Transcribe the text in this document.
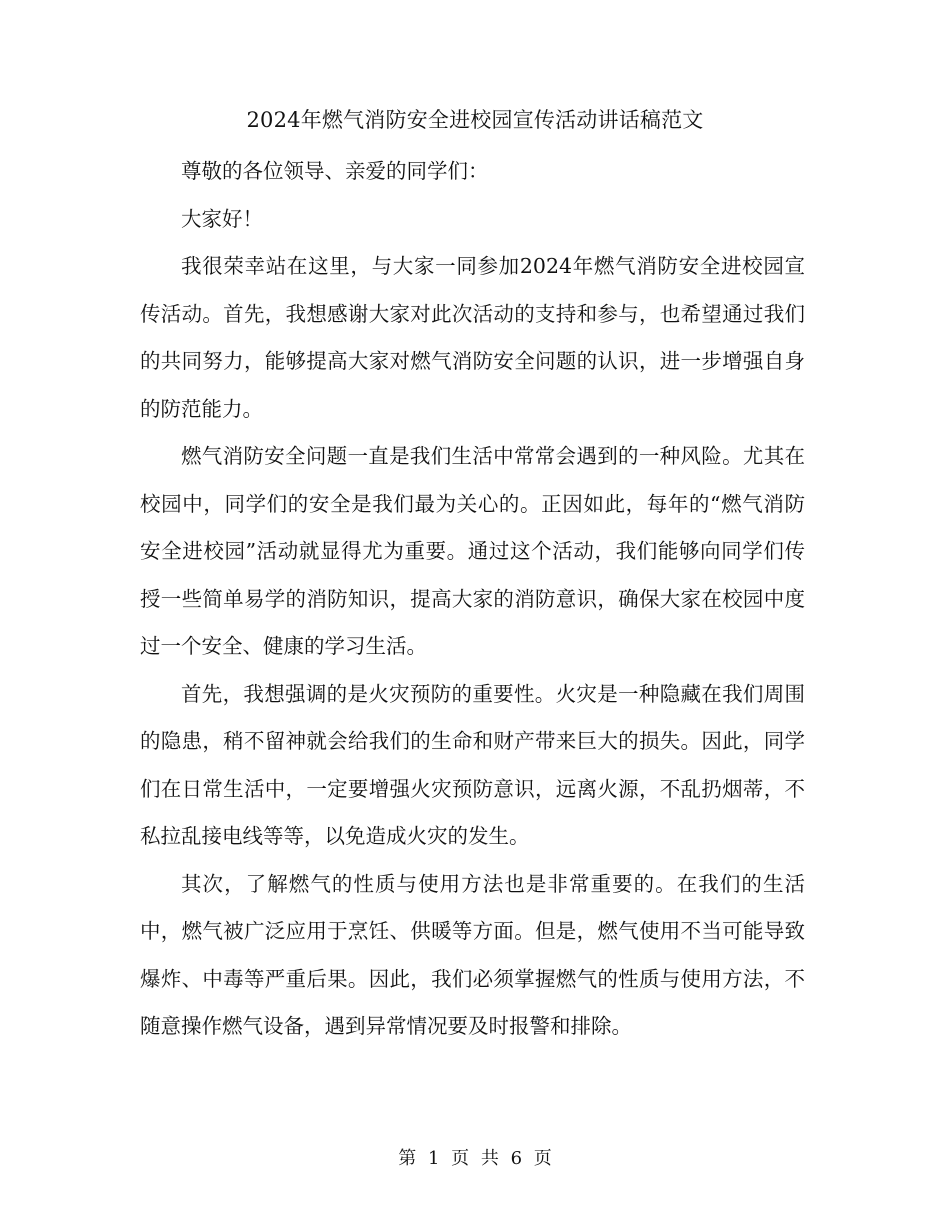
2024年燃气消防安全进校园宣传活动讲话稿范文

尊敬的各位领导、亲爱的同学们：

大家好！

我很荣幸站在这里，与大家一同参加2024年燃气消防安全进校园宣传活动。首先，我想感谢大家对此次活动的支持和参与，也希望通过我们的共同努力，能够提高大家对燃气消防安全问题的认识，进一步增强自身的防范能力。

燃气消防安全问题一直是我们生活中常常会遇到的一种风险。尤其在校园中，同学们的安全是我们最为关心的。正因如此，每年的“燃气消防安全进校园”活动就显得尤为重要。通过这个活动，我们能够向同学们传授一些简单易学的消防知识，提高大家的消防意识，确保大家在校园中度过一个安全、健康的学习生活。

首先，我想强调的是火灾预防的重要性。火灾是一种隐藏在我们周围的隐患，稍不留神就会给我们的生命和财产带来巨大的损失。因此，同学们在日常生活中，一定要增强火灾预防意识，远离火源，不乱扔烟蒂，不私拉乱接电线等等，以免造成火灾的发生。

其次，了解燃气的性质与使用方法也是非常重要的。在我们的生活中，燃气被广泛应用于烹饪、供暖等方面。但是，燃气使用不当可能导致爆炸、中毒等严重后果。因此，我们必须掌握燃气的性质与使用方法，不随意操作燃气设备，遇到异常情况要及时报警和排除。

第 1 页 共 6 页
